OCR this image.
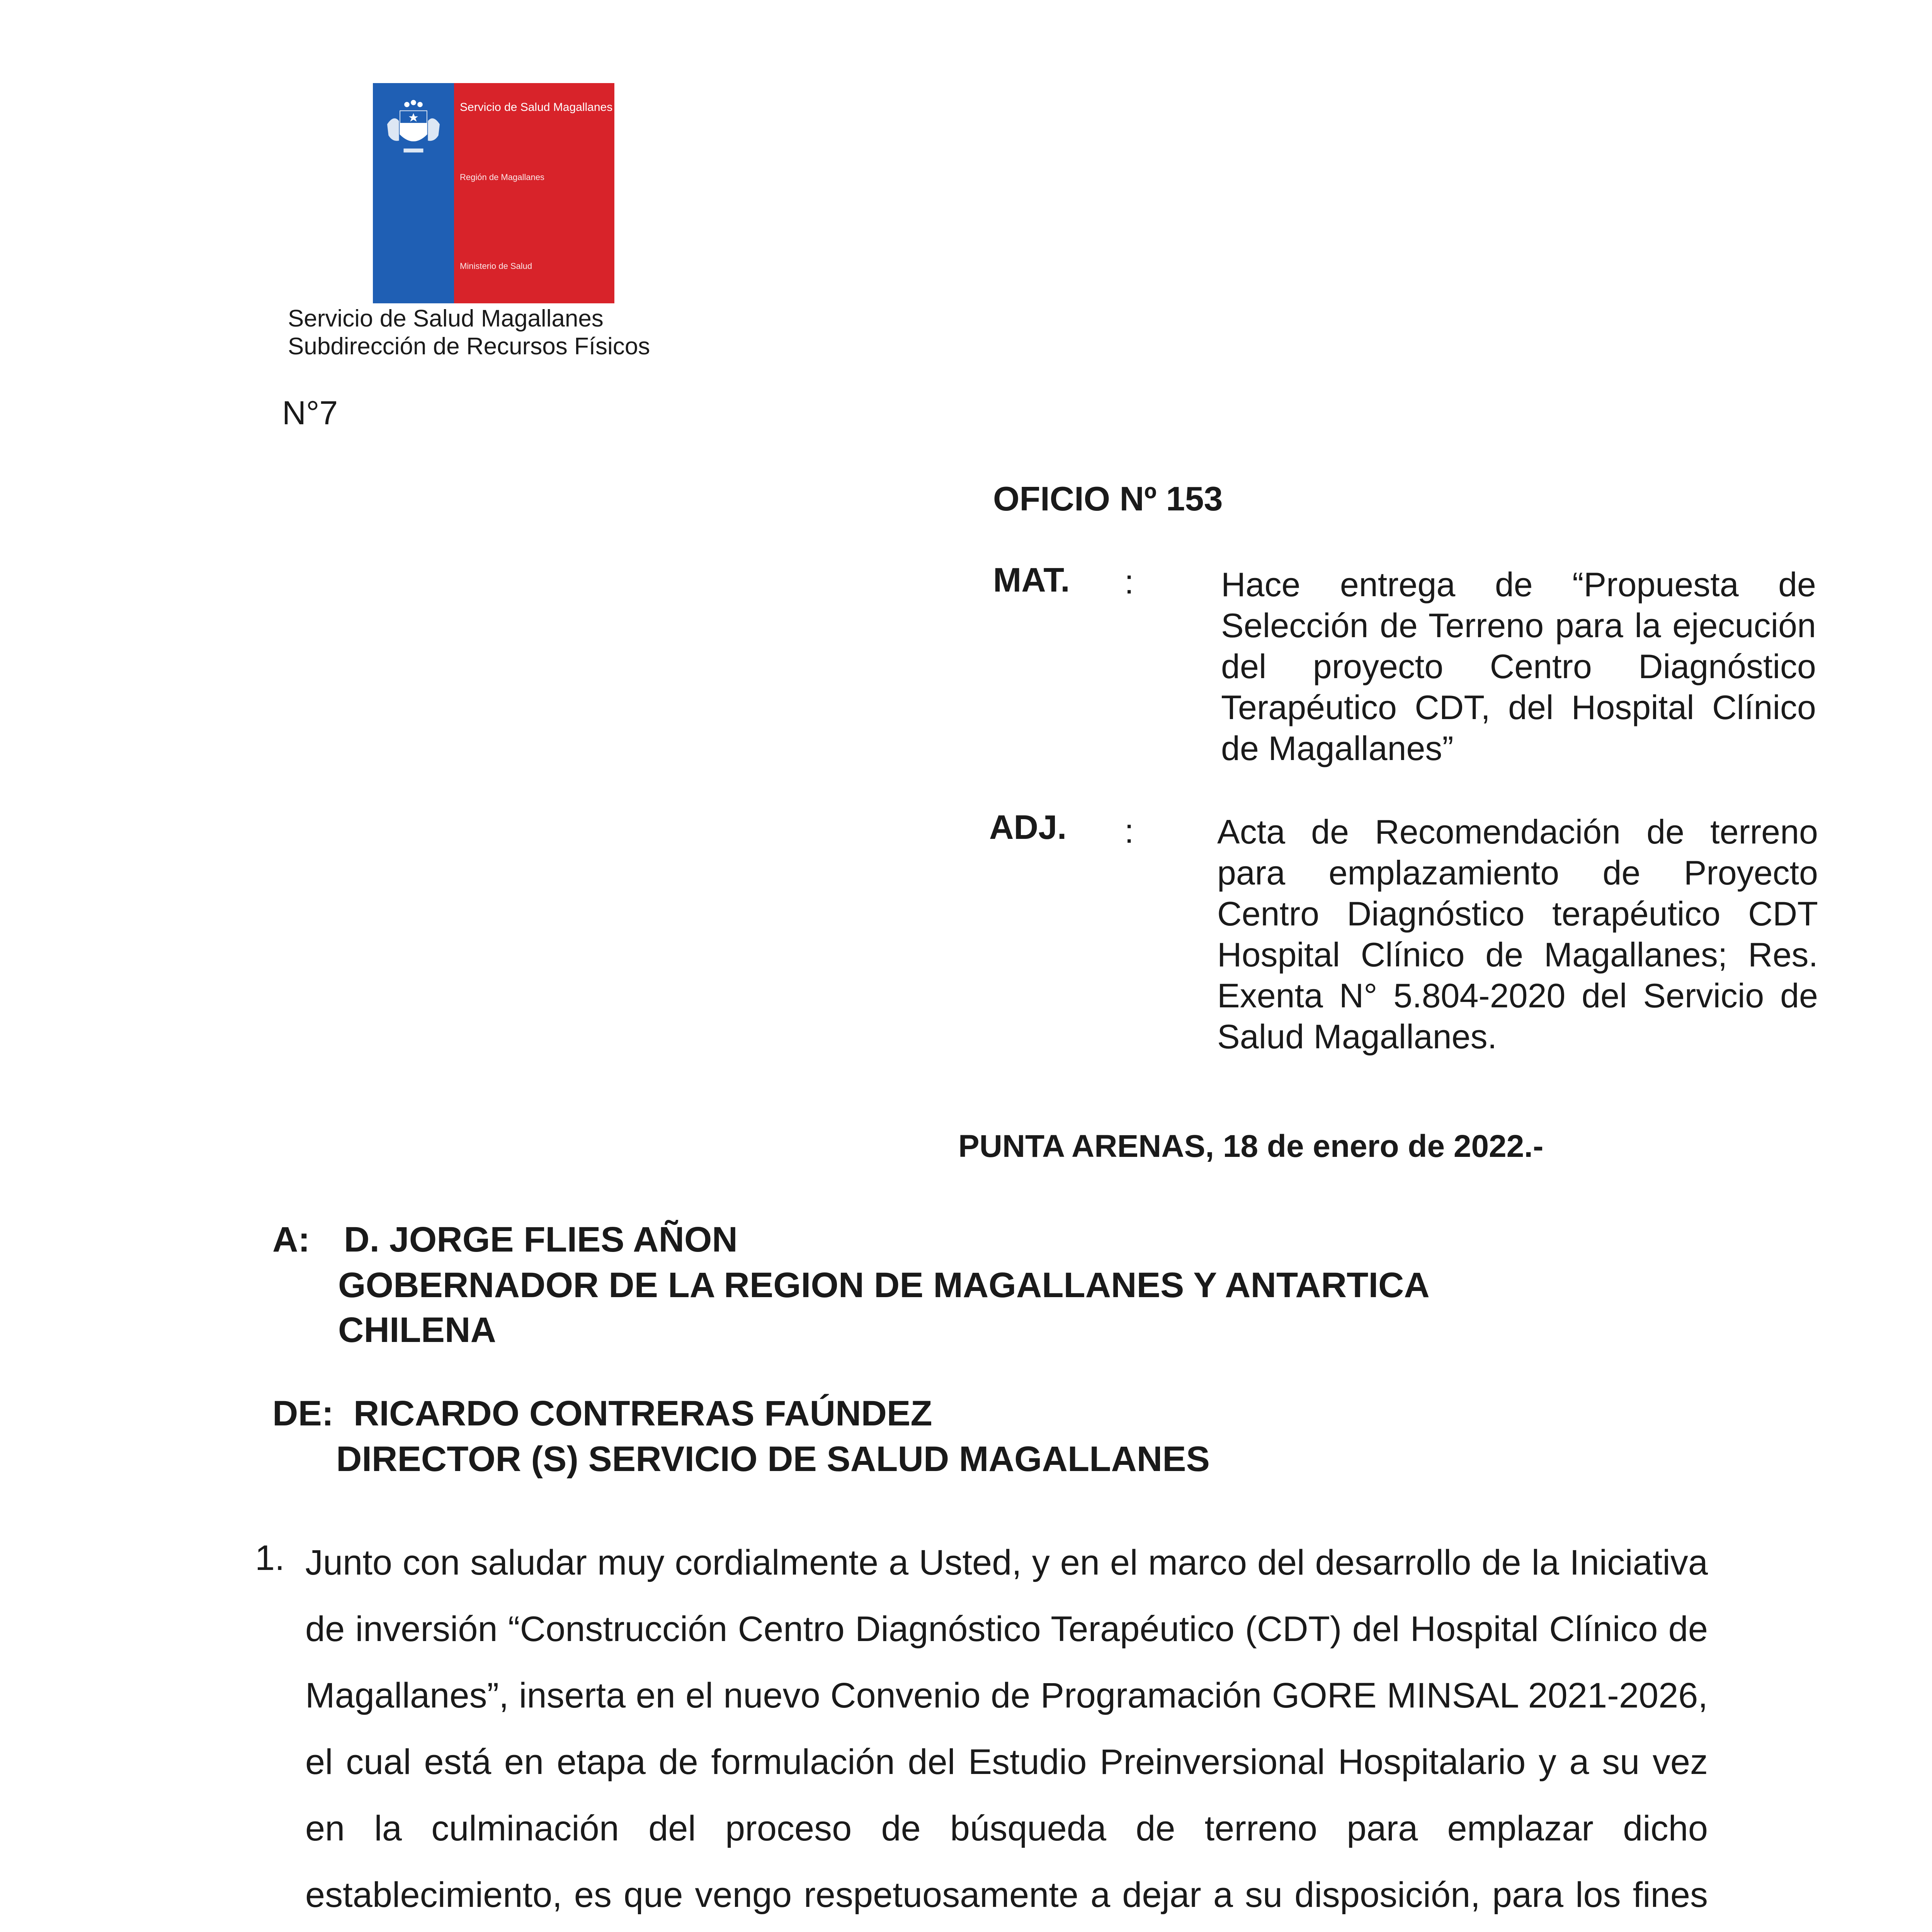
Servicio de Salud Magallanes
Región de Magallanes
Ministerio de Salud
Servicio de Salud Magallanes
Subdirección de Recursos Físicos
N°7
OFICIO Nº 153
MAT. :	Hace entrega de “Propuesta de Selección de Terreno para la ejecución del proyecto Centro Diagnóstico Terapéutico CDT, del Hospital Clínico de Magallanes”
ADJ. : Acta de Recomendación de terreno para emplazamiento de Proyecto Centro Diagnóstico terapéutico CDT Hospital Clínico de Magallanes; Res. Exenta N° 5.804-2020 del Servicio de Salud Magallanes.
PUNTA ARENAS, 18 de enero de 2022.-
A: D. JORGE FLIES AÑON
GOBERNADOR DE LA REGION DE MAGALLANES Y ANTARTICA CHILENA
DE: RICARDO CONTRERAS FAÚNDEZ
DIRECTOR (S) SERVICIO DE SALUD MAGALLANES
1. Junto con saludar muy cordialmente a Usted, y en el marco del desarrollo de la Iniciativa de inversión “Construcción Centro Diagnóstico Terapéutico (CDT) del Hospital Clínico de Magallanes”, inserta en el nuevo Convenio de Programación GORE MINSAL 2021-2026, el cual está en etapa de formulación del Estudio Preinversional Hospitalario y a su vez en la culminación del proceso de búsqueda de terreno para emplazar dicho establecimiento, es que vengo respetuosamente a dejar a su disposición, para los fines
